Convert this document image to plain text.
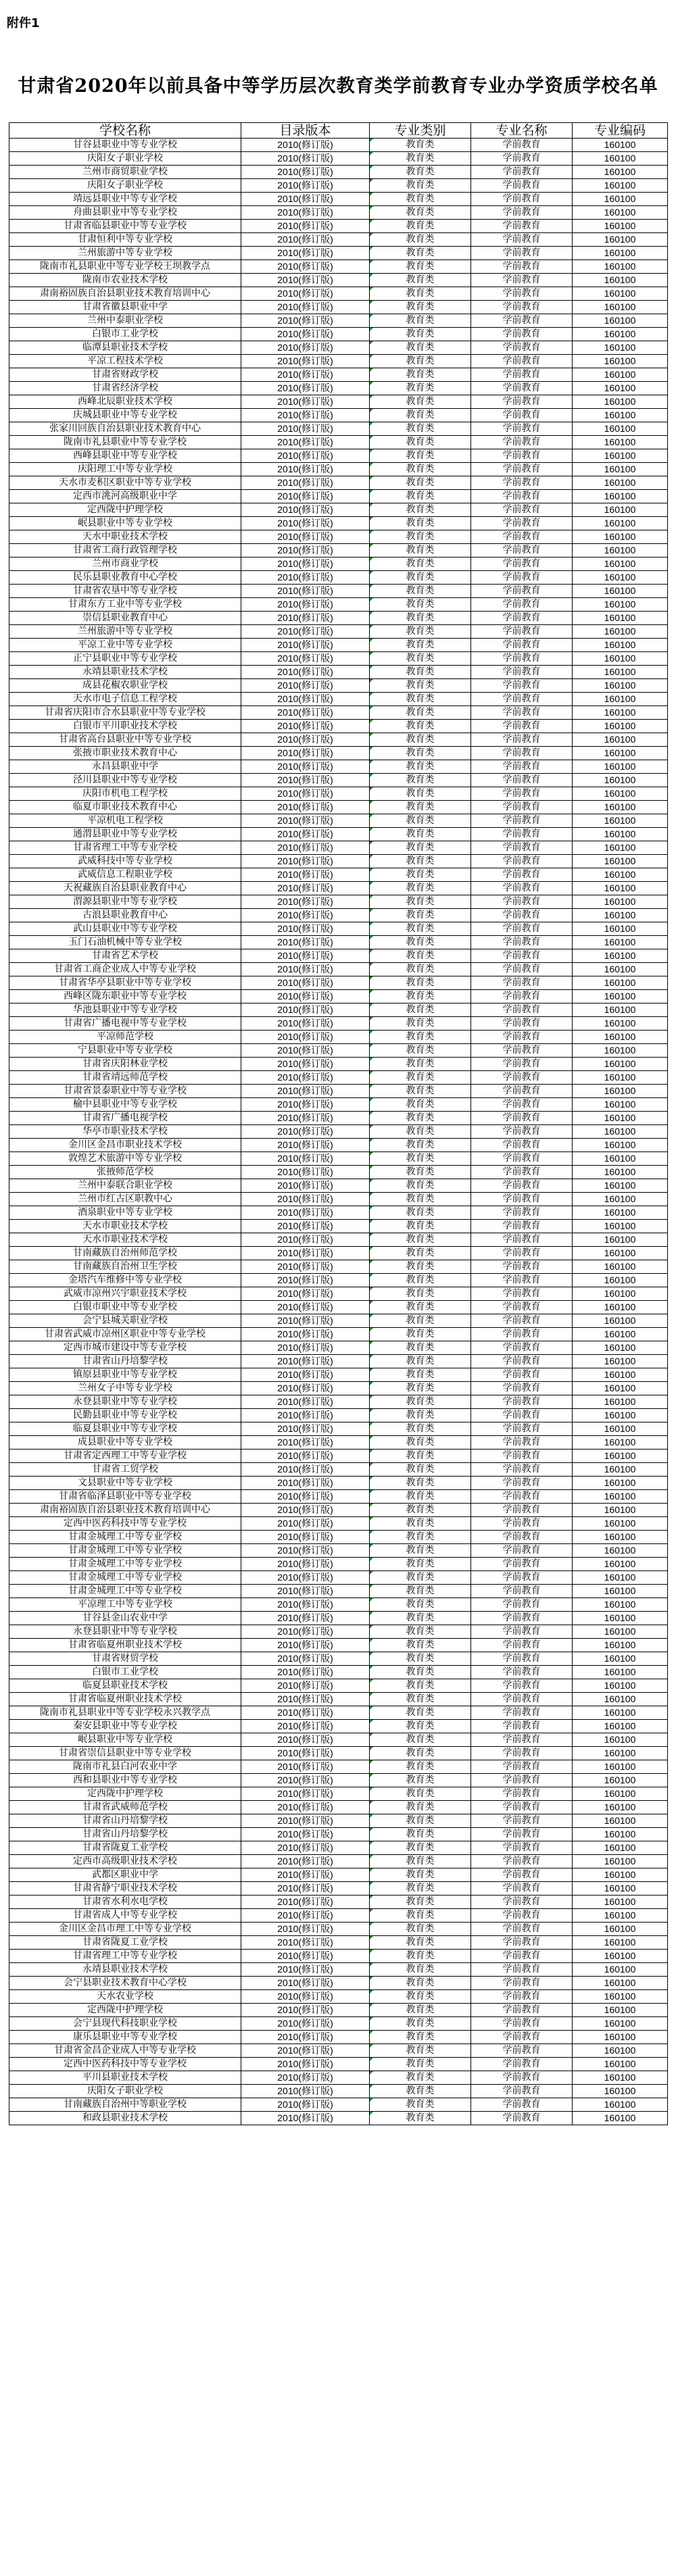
附件1
甘肃省2020年以前具备中等学历层次教育类学前教育专业办学资质学校名单
学校名称	目录版本	专业类别	专业名称	专业编码
甘谷县职业中等专业学校	2010(修订版)	教育类	学前教育	160100
庆阳女子职业学校	2010(修订版)	教育类	学前教育	160100
兰州市商贸职业学校	2010(修订版)	教育类	学前教育	160100
庆阳女子职业学校	2010(修订版)	教育类	学前教育	160100
靖远县职业中等专业学校	2010(修订版)	教育类	学前教育	160100
舟曲县职业中等专业学校	2010(修订版)	教育类	学前教育	160100
甘肃省临县职业中等专业学校	2010(修订版)	教育类	学前教育	160100
甘肃恒利中等专业学校	2010(修订版)	教育类	学前教育	160100
兰州旅游中等专业学校	2010(修订版)	教育类	学前教育	160100
陇南市礼县职业中等专业学校王坝教学点	2010(修订版)	教育类	学前教育	160100
陇南市农业技术学校	2010(修订版)	教育类	学前教育	160100
肃南裕固族自治县职业技术教育培训中心	2010(修订版)	教育类	学前教育	160100
甘肃省徽县职业中学	2010(修订版)	教育类	学前教育	160100
兰州中泰职业学校	2010(修订版)	教育类	学前教育	160100
白银市工业学校	2010(修订版)	教育类	学前教育	160100
临潭县职业技术学校	2010(修订版)	教育类	学前教育	160100
平凉工程技术学校	2010(修订版)	教育类	学前教育	160100
甘肃省财政学校	2010(修订版)	教育类	学前教育	160100
甘肃省经济学校	2010(修订版)	教育类	学前教育	160100
西峰北辰职业技术学校	2010(修订版)	教育类	学前教育	160100
庆城县职业中等专业学校	2010(修订版)	教育类	学前教育	160100
张家川回族自治县职业技术教育中心	2010(修订版)	教育类	学前教育	160100
陇南市礼县职业中等专业学校	2010(修订版)	教育类	学前教育	160100
西峰县职业中等专业学校	2010(修订版)	教育类	学前教育	160100
庆阳理工中等专业学校	2010(修订版)	教育类	学前教育	160100
天水市麦积区职业中等专业学校	2010(修订版)	教育类	学前教育	160100
定西市洮河高级职业中学	2010(修订版)	教育类	学前教育	160100
定西陇中护理学校	2010(修订版)	教育类	学前教育	160100
岷县职业中等专业学校	2010(修订版)	教育类	学前教育	160100
天水中职业技术学校	2010(修订版)	教育类	学前教育	160100
甘肃省工商行政管理学校	2010(修订版)	教育类	学前教育	160100
兰州市商业学校	2010(修订版)	教育类	学前教育	160100
民乐县职业教育中心学校	2010(修订版)	教育类	学前教育	160100
甘肃省农垦中等专业学校	2010(修订版)	教育类	学前教育	160100
甘肃东方工业中等专业学校	2010(修订版)	教育类	学前教育	160100
崇信县职业教育中心	2010(修订版)	教育类	学前教育	160100
兰州旅游中等专业学校	2010(修订版)	教育类	学前教育	160100
平凉工业中等专业学校	2010(修订版)	教育类	学前教育	160100
正宁县职业中等专业学校	2010(修订版)	教育类	学前教育	160100
永靖县职业技术学校	2010(修订版)	教育类	学前教育	160100
成县花椒农职业学校	2010(修订版)	教育类	学前教育	160100
天水市电子信息工程学校	2010(修订版)	教育类	学前教育	160100
甘肃省庆阳市合水县职业中等专业学校	2010(修订版)	教育类	学前教育	160100
白银市平川职业技术学校	2010(修订版)	教育类	学前教育	160100
甘肃省高台县职业中等专业学校	2010(修订版)	教育类	学前教育	160100
张掖市职业技术教育中心	2010(修订版)	教育类	学前教育	160100
永昌县职业中学	2010(修订版)	教育类	学前教育	160100
泾川县职业中等专业学校	2010(修订版)	教育类	学前教育	160100
庆阳市机电工程学校	2010(修订版)	教育类	学前教育	160100
临夏市职业技术教育中心	2010(修订版)	教育类	学前教育	160100
平凉机电工程学校	2010(修订版)	教育类	学前教育	160100
通渭县职业中等专业学校	2010(修订版)	教育类	学前教育	160100
甘肃省理工中等专业学校	2010(修订版)	教育类	学前教育	160100
武威科技中等专业学校	2010(修订版)	教育类	学前教育	160100
武威信息工程职业学校	2010(修订版)	教育类	学前教育	160100
天祝藏族自治县职业教育中心	2010(修订版)	教育类	学前教育	160100
渭源县职业中等专业学校	2010(修订版)	教育类	学前教育	160100
古浪县职业教育中心	2010(修订版)	教育类	学前教育	160100
武山县职业中等专业学校	2010(修订版)	教育类	学前教育	160100
玉门石油机械中等专业学校	2010(修订版)	教育类	学前教育	160100
甘肃省艺术学校	2010(修订版)	教育类	学前教育	160100
甘肃省工商企业成人中等专业学校	2010(修订版)	教育类	学前教育	160100
甘肃省华亭县职业中等专业学校	2010(修订版)	教育类	学前教育	160100
西峰区陇东职业中等专业学校	2010(修订版)	教育类	学前教育	160100
华池县职业中等专业学校	2010(修订版)	教育类	学前教育	160100
甘肃省广播电视中等专业学校	2010(修订版)	教育类	学前教育	160100
平凉师范学校	2010(修订版)	教育类	学前教育	160100
宁县职业中等专业学校	2010(修订版)	教育类	学前教育	160100
甘肃省庆阳林业学校	2010(修订版)	教育类	学前教育	160100
甘肃省靖远师范学校	2010(修订版)	教育类	学前教育	160100
甘肃省景泰职业中等专业学校	2010(修订版)	教育类	学前教育	160100
榆中县职业中等专业学校	2010(修订版)	教育类	学前教育	160100
甘肃省广播电视学校	2010(修订版)	教育类	学前教育	160100
华亭市职业技术学校	2010(修订版)	教育类	学前教育	160100
金川区金昌市职业技术学校	2010(修订版)	教育类	学前教育	160100
敦煌艺术旅游中等专业学校	2010(修订版)	教育类	学前教育	160100
张掖师范学校	2010(修订版)	教育类	学前教育	160100
兰州中泰联合职业学校	2010(修订版)	教育类	学前教育	160100
兰州市红古区职教中心	2010(修订版)	教育类	学前教育	160100
酒泉职业中等专业学校	2010(修订版)	教育类	学前教育	160100
天水市职业技术学校	2010(修订版)	教育类	学前教育	160100
天水市职业技术学校	2010(修订版)	教育类	学前教育	160100
甘南藏族自治州师范学校	2010(修订版)	教育类	学前教育	160100
甘南藏族自治州卫生学校	2010(修订版)	教育类	学前教育	160100
金塔汽车维修中等专业学校	2010(修订版)	教育类	学前教育	160100
武威市凉州兴宇职业技术学校	2010(修订版)	教育类	学前教育	160100
白银市职业中等专业学校	2010(修订版)	教育类	学前教育	160100
会宁县城关职业学校	2010(修订版)	教育类	学前教育	160100
甘肃省武威市凉州区职业中等专业学校	2010(修订版)	教育类	学前教育	160100
定西市城市建设中等专业学校	2010(修订版)	教育类	学前教育	160100
甘肃省山丹培黎学校	2010(修订版)	教育类	学前教育	160100
镇原县职业中等专业学校	2010(修订版)	教育类	学前教育	160100
兰州女子中等专业学校	2010(修订版)	教育类	学前教育	160100
永登县职业中等专业学校	2010(修订版)	教育类	学前教育	160100
民勤县职业中等专业学校	2010(修订版)	教育类	学前教育	160100
临夏县职业中等专业学校	2010(修订版)	教育类	学前教育	160100
成县职业中等专业学校	2010(修订版)	教育类	学前教育	160100
甘肃省定西理工中等专业学校	2010(修订版)	教育类	学前教育	160100
甘肃省工贸学校	2010(修订版)	教育类	学前教育	160100
文县职业中等专业学校	2010(修订版)	教育类	学前教育	160100
甘肃省临泽县职业中等专业学校	2010(修订版)	教育类	学前教育	160100
肃南裕固族自治县职业技术教育培训中心	2010(修订版)	教育类	学前教育	160100
定西中医药科技中等专业学校	2010(修订版)	教育类	学前教育	160100
甘肃金城理工中等专业学校	2010(修订版)	教育类	学前教育	160100
甘肃金城理工中等专业学校	2010(修订版)	教育类	学前教育	160100
甘肃金城理工中等专业学校	2010(修订版)	教育类	学前教育	160100
甘肃金城理工中等专业学校	2010(修订版)	教育类	学前教育	160100
甘肃金城理工中等专业学校	2010(修订版)	教育类	学前教育	160100
平凉理工中等专业学校	2010(修订版)	教育类	学前教育	160100
甘谷县金山农业中学	2010(修订版)	教育类	学前教育	160100
永登县职业中等专业学校	2010(修订版)	教育类	学前教育	160100
甘肃省临夏州职业技术学校	2010(修订版)	教育类	学前教育	160100
甘肃省财贸学校	2010(修订版)	教育类	学前教育	160100
白银市工业学校	2010(修订版)	教育类	学前教育	160100
临夏县职业技术学校	2010(修订版)	教育类	学前教育	160100
甘肃省临夏州职业技术学校	2010(修订版)	教育类	学前教育	160100
陇南市礼县职业中等专业学校永兴教学点	2010(修订版)	教育类	学前教育	160100
秦安县职业中等专业学校	2010(修订版)	教育类	学前教育	160100
岷县职业中等专业学校	2010(修订版)	教育类	学前教育	160100
甘肃省崇信县职业中等专业学校	2010(修订版)	教育类	学前教育	160100
陇南市礼县白河农业中学	2010(修订版)	教育类	学前教育	160100
西和县职业中等专业学校	2010(修订版)	教育类	学前教育	160100
定西陇中护理学校	2010(修订版)	教育类	学前教育	160100
甘肃省武威师范学校	2010(修订版)	教育类	学前教育	160100
甘肃省山丹培黎学校	2010(修订版)	教育类	学前教育	160100
甘肃省山丹培黎学校	2010(修订版)	教育类	学前教育	160100
甘肃省陇夏工业学校	2010(修订版)	教育类	学前教育	160100
定西市高级职业技术学校	2010(修订版)	教育类	学前教育	160100
武都区职业中学	2010(修订版)	教育类	学前教育	160100
甘肃省静宁职业技术学校	2010(修订版)	教育类	学前教育	160100
甘肃省水利水电学校	2010(修订版)	教育类	学前教育	160100
甘肃省成人中等专业学校	2010(修订版)	教育类	学前教育	160100
金川区金昌市理工中等专业学校	2010(修订版)	教育类	学前教育	160100
甘肃省陇夏工业学校	2010(修订版)	教育类	学前教育	160100
甘肃省理工中等专业学校	2010(修订版)	教育类	学前教育	160100
永靖县职业技术学校	2010(修订版)	教育类	学前教育	160100
会宁县职业技术教育中心学校	2010(修订版)	教育类	学前教育	160100
天水农业学校	2010(修订版)	教育类	学前教育	160100
定西陇中护理学校	2010(修订版)	教育类	学前教育	160100
会宁县现代科技职业学校	2010(修订版)	教育类	学前教育	160100
康乐县职业中等专业学校	2010(修订版)	教育类	学前教育	160100
甘肃省金昌企业成人中等专业学校	2010(修订版)	教育类	学前教育	160100
定西中医药科技中等专业学校	2010(修订版)	教育类	学前教育	160100
平川县职业技术学校	2010(修订版)	教育类	学前教育	160100
庆阳女子职业学校	2010(修订版)	教育类	学前教育	160100
甘南藏族自治州中等职业学校	2010(修订版)	教育类	学前教育	160100
和政县职业技术学校	2010(修订版)	教育类	学前教育	160100
